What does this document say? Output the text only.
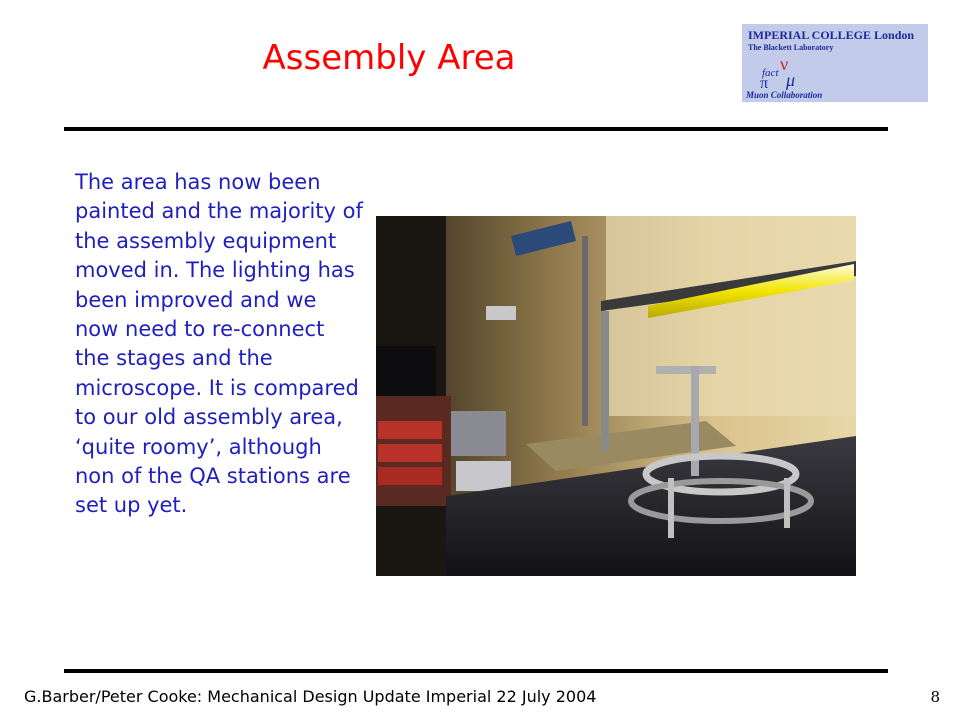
Assembly Area
IMPERIAL COLLEGE London
The Blackett Laboratory
fact
π
ν
μ
Muon Collaboration
The area has now been painted and the majority of the assembly equipment moved in. The lighting has been improved and we now need to re-connect the stages and the microscope. It is compared to our old assembly area, ‘quite roomy’, although non of the QA stations are set up yet.
G.Barber/Peter Cooke: Mechanical Design Update Imperial 22 July 2004	8
